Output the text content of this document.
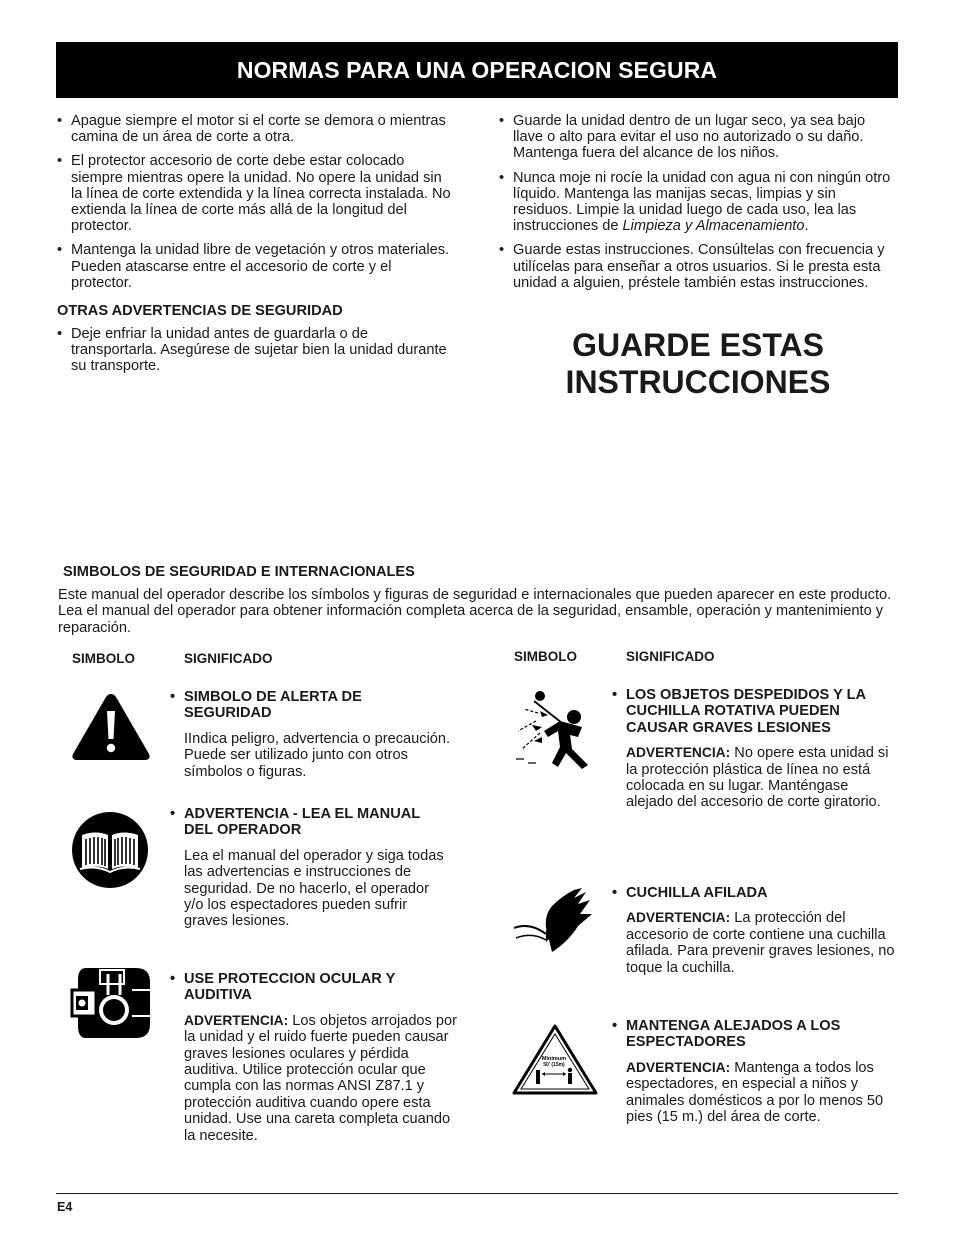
NORMAS PARA UNA OPERACION SEGURA
• Apague siempre el motor si el corte se demora o mientras camina de un área de corte a otra.
• El protector accesorio de corte debe estar colocado siempre mientras opere la unidad. No opere la unidad sin la línea de corte extendida y la línea correcta instalada. No extienda la línea de corte más allá de la longitud del protector.
• Mantenga la unidad libre de vegetación y otros materiales. Pueden atascarse entre el accesorio de corte y el protector.
OTRAS ADVERTENCIAS DE SEGURIDAD
• Deje enfriar la unidad antes de guardarla o de transportarla. Asegúrese de sujetar bien la unidad durante su transporte.
• Guarde la unidad dentro de un lugar seco, ya sea bajo llave o alto para evitar el uso no autorizado o su daño. Mantenga fuera del alcance de los niños.
• Nunca moje ni rocíe la unidad con agua ni con ningún otro líquido. Mantenga las manijas secas, limpias y sin residuos. Limpie la unidad luego de cada uso, lea las instrucciones de Limpieza y Almacenamiento.
• Guarde estas instrucciones. Consúltelas con frecuencia y utilícelas para enseñar a otros usuarios. Si le presta esta unidad a alguien, préstele también estas instrucciones.
GUARDE ESTAS
INSTRUCCIONES
SIMBOLOS DE SEGURIDAD E INTERNACIONALES
Este manual del operador describe los símbolos y figuras de seguridad e internacionales que pueden aparecer en este producto. Lea el manual del operador para obtener información completa acerca de la seguridad, ensamble, operación y mantenimiento y reparación.
SIMBOLO	SIGNIFICADO	SIMBOLO	SIGNIFICADO
• SIMBOLO DE ALERTA DE SEGURIDAD
IIndica peligro, advertencia o precaución. Puede ser utilizado junto con otros símbolos o figuras.
• ADVERTENCIA - LEA EL MANUAL DEL OPERADOR
Lea el manual del operador y siga todas las advertencias e instrucciones de seguridad. De no hacerlo, el operador y/o los espectadores pueden sufrir graves lesiones.
• USE PROTECCION OCULAR Y AUDITIVA
ADVERTENCIA: Los objetos arrojados por la unidad y el ruido fuerte pueden causar graves lesiones oculares y pérdida auditiva. Utilice protección ocular que cumpla con las normas ANSI Z87.1 y protección auditiva cuando opere esta unidad. Use una careta completa cuando la necesite.
• LOS OBJETOS DESPEDIDOS Y LA CUCHILLA ROTATIVA PUEDEN CAUSAR GRAVES LESIONES
ADVERTENCIA: No opere esta unidad si la protección plástica de línea no está colocada en su lugar. Manténgase alejado del accesorio de corte giratorio.
• CUCHILLA AFILADA
ADVERTENCIA: La protección del accesorio de corte contiene una cuchilla afilada. Para prevenir graves lesiones, no toque la cuchilla.
Minimum
50' (15m)
• MANTENGA ALEJADOS A LOS ESPECTADORES
ADVERTENCIA: Mantenga a todos los espectadores, en especial a niños y animales domésticos a por lo menos 50 pies (15 m.) del área de corte.
E4
